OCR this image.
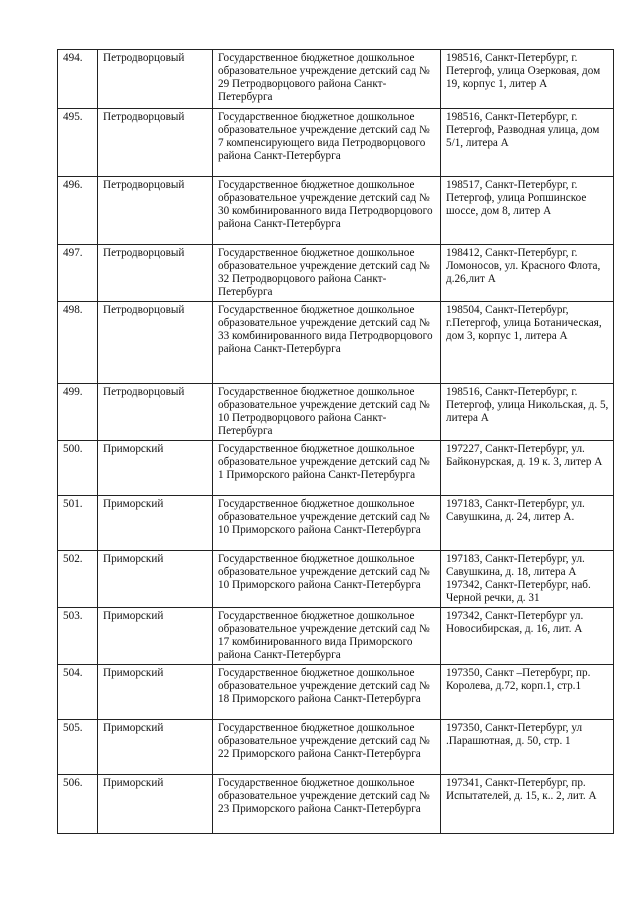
494.	Петродворцовый	Государственное бюджетное дошкольное образовательное учреждение детский сад № 29 Петродворцового района Санкт-Петербурга	198516, Санкт-Петербург, г. Петергоф, улица Озерковая, дом 19, корпус 1, литер А
495.	Петродворцовый	Государственное бюджетное дошкольное образовательное учреждение детский сад № 7 компенсирующего вида Петродворцового района Санкт-Петербурга	198516, Санкт-Петербург, г. Петергоф, Разводная улица, дом 5/1, литера А
496.	Петродворцовый	Государственное бюджетное дошкольное образовательное учреждение детский сад № 30 комбинированного вида Петродворцового района Санкт-Петербурга	198517, Санкт-Петербург, г. Петергоф, улица Ропшинское шоссе, дом 8, литер А
497.	Петродворцовый	Государственное бюджетное дошкольное образовательное учреждение детский сад № 32 Петродворцового района Санкт-Петербурга	198412, Санкт-Петербург, г. Ломоносов, ул. Красного Флота, д.26,лит А
498.	Петродворцовый	Государственное бюджетное дошкольное образовательное учреждение детский сад № 33 комбинированного вида Петродворцового района Санкт-Петербурга	198504, Санкт-Петербург, г.Петергоф, улица Ботаническая, дом 3, корпус 1, литера А
499.	Петродворцовый	Государственное бюджетное дошкольное образовательное учреждение детский сад № 10 Петродворцового района Санкт-Петербурга	198516, Санкт-Петербург, г. Петергоф, улица Никольская, д. 5, литера А
500.	Приморский	Государственное бюджетное дошкольное образовательное учреждение детский сад № 1 Приморского района Санкт-Петербурга	197227, Санкт-Петербург, ул. Байконурская, д. 19 к. 3, литер А
501.	Приморский	Государственное бюджетное дошкольное образовательное учреждение детский сад № 10 Приморского района Санкт-Петербурга	197183, Санкт-Петербург, ул. Савушкина, д. 24, литер А.
502.	Приморский	Государственное бюджетное дошкольное образовательное учреждение детский сад № 10 Приморского района Санкт-Петербурга	197183, Санкт-Петербург, ул. Савушкина, д. 18, литера А 197342, Санкт-Петербург, наб. Черной речки, д. 31
503.	Приморский	Государственное бюджетное дошкольное образовательное учреждение детский сад № 17 комбинированного вида Приморского района Санкт-Петербурга	197342, Санкт-Петербург ул. Новосибирская, д. 16, лит. А
504.	Приморский	Государственное бюджетное дошкольное образовательное учреждение детский сад № 18 Приморского района Санкт-Петербурга	197350, Санкт –Петербург, пр. Королева, д.72, корп.1, стр.1
505.	Приморский	Государственное бюджетное дошкольное образовательное учреждение детский сад № 22 Приморского района Санкт-Петербурга	197350, Санкт-Петербург, ул .Парашютная, д. 50, стр. 1
506.	Приморский	Государственное бюджетное дошкольное образовательное учреждение детский сад № 23 Приморского района Санкт-Петербурга	197341, Санкт-Петербург, пр. Испытателей, д. 15, к.. 2, лит. А
